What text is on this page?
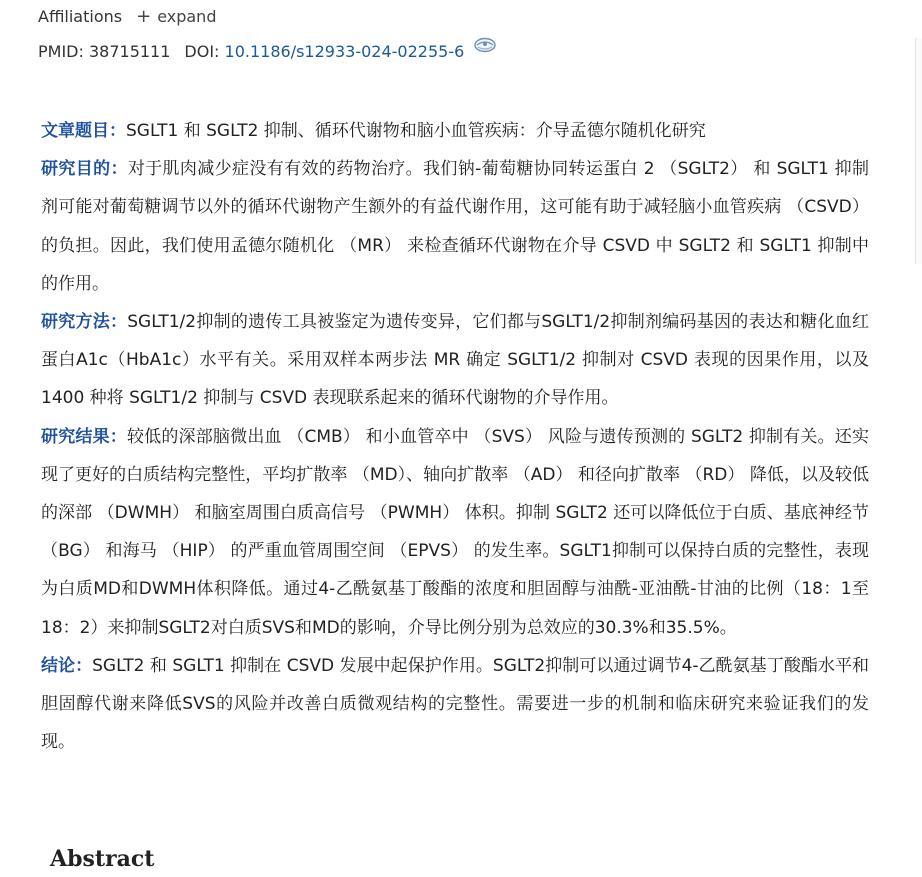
Affiliations + expand
PMID: 38715111 DOI: 10.1186/s12933-024-02255-6

文章题目：SGLT1 和 SGLT2 抑制、循环代谢物和脑小血管疾病：介导孟德尔随机化研究

研究目的：对于肌肉减少症没有有效的药物治疗。我们钠-葡萄糖协同转运蛋白 2 （SGLT2） 和 SGLT1 抑制剂可能对葡萄糖调节以外的循环代谢物产生额外的有益代谢作用，这可能有助于减轻脑小血管疾病 （CSVD） 的负担。因此，我们使用孟德尔随机化 （MR） 来检查循环代谢物在介导 CSVD 中 SGLT2 和 SGLT1 抑制中的作用。

研究方法：SGLT1/2抑制的遗传工具被鉴定为遗传变异，它们都与SGLT1/2抑制剂编码基因的表达和糖化血红蛋白A1c（HbA1c）水平有关。采用双样本两步法 MR 确定 SGLT1/2 抑制对 CSVD 表现的因果作用，以及 1400 种将 SGLT1/2 抑制与 CSVD 表现联系起来的循环代谢物的介导作用。

研究结果：较低的深部脑微出血 （CMB） 和小血管卒中 （SVS） 风险与遗传预测的 SGLT2 抑制有关。还实现了更好的白质结构完整性，平均扩散率 （MD）、轴向扩散率 （AD） 和径向扩散率 （RD） 降低，以及较低的深部 （DWMH） 和脑室周围白质高信号 （PWMH） 体积。抑制 SGLT2 还可以降低位于白质、基底神经节 （BG） 和海马 （HIP） 的严重血管周围空间 （EPVS） 的发生率。SGLT1抑制可以保持白质的完整性，表现为白质MD和DWMH体积降低。通过4-乙酰氨基丁酸酯的浓度和胆固醇与油酰-亚油酰-甘油的比例（18：1至18：2）来抑制SGLT2对白质SVS和MD的影响，介导比例分别为总效应的30.3%和35.5%。

结论：SGLT2 和 SGLT1 抑制在 CSVD 发展中起保护作用。SGLT2抑制可以通过调节4-乙酰氨基丁酸酯水平和胆固醇代谢来降低SVS的风险并改善白质微观结构的完整性。需要进一步的机制和临床研究来验证我们的发现。

Abstract
